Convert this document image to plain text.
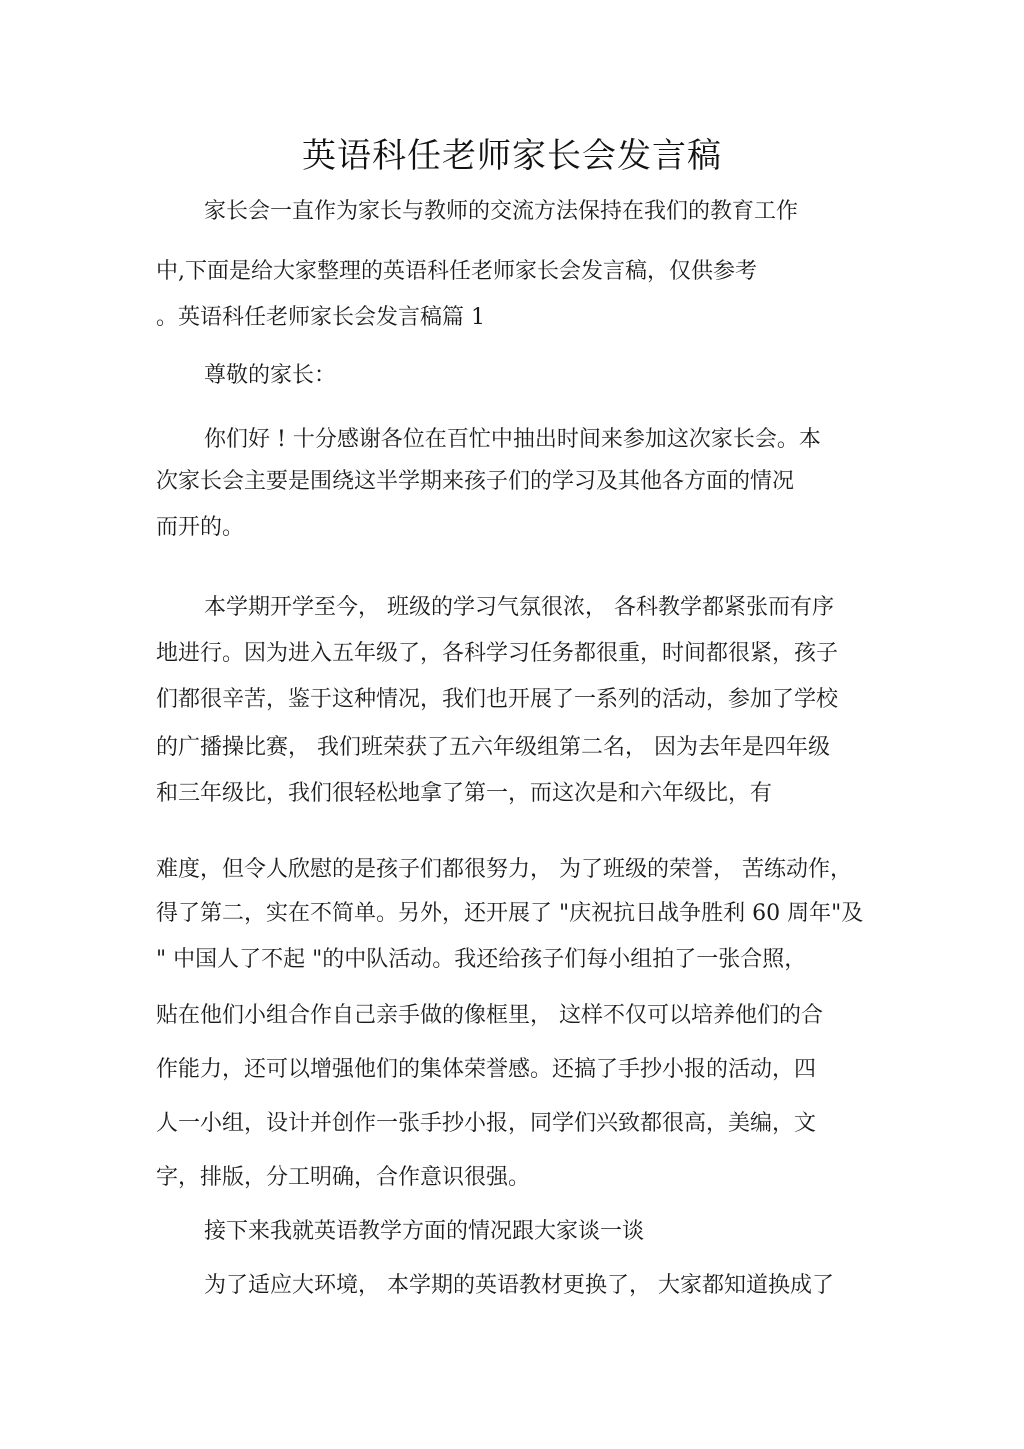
英语科任老师家长会发言稿
家长会一直作为家长与教师的交流方法保持在我们的教育工作
中,下面是给大家整理的英语科任老师家长会发言稿，仅供参考
。英语科任老师家长会发言稿篇 1
尊敬的家长：
你们好 ! 十分感谢各位在百忙中抽出时间来参加这次家长会。本
次家长会主要是围绕这半学期来孩子们的学习及其他各方面的情况
而开的。
本学期开学至今， 班级的学习气氛很浓， 各科教学都紧张而有序
地进行。因为进入五年级了，各科学习任务都很重，时间都很紧，孩子
们都很辛苦，鉴于这种情况，我们也开展了一系列的活动，参加了学校
的广播操比赛， 我们班荣获了五六年级组第二名， 因为去年是四年级
和三年级比，我们很轻松地拿了第一，而这次是和六年级比，有
难度，但令人欣慰的是孩子们都很努力， 为了班级的荣誉， 苦练动作，
得了第二，实在不简单。另外，还开展了 "庆祝抗日战争胜利 60 周年"及
" 中国人了不起 "的中队活动。我还给孩子们每小组拍了一张合照，
贴在他们小组合作自己亲手做的像框里， 这样不仅可以培养他们的合
作能力，还可以增强他们的集体荣誉感。还搞了手抄小报的活动，四
人一小组，设计并创作一张手抄小报，同学们兴致都很高，美编，文
字，排版，分工明确，合作意识很强。
接下来我就英语教学方面的情况跟大家谈一谈
为了适应大环境， 本学期的英语教材更换了， 大家都知道换成了
